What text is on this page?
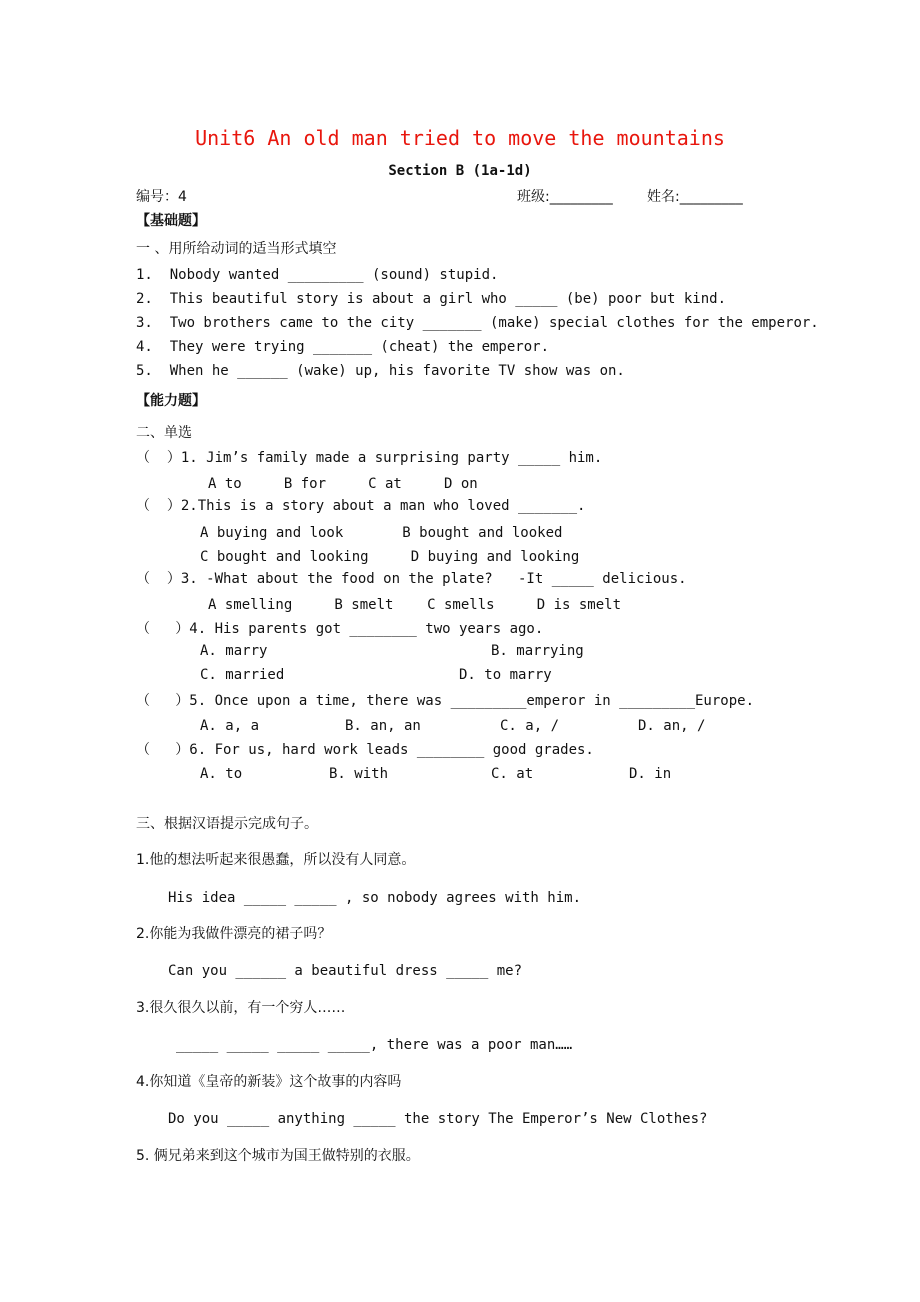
Unit6 An old man tried to move the mountains
Section B (1a-1d)
编号：4	班级:_________ 姓名:_________
【基础题】
一 、用所给动词的适当形式填空
1.  Nobody wanted _________ (sound) stupid.
2.  This beautiful story is about a girl who _____ (be) poor but kind.
3.  Two brothers came to the city _______ (make) special clothes for the emperor.
4.  They were trying _______ (cheat) the emperor.
5.  When he ______ (wake) up, his favorite TV show was on.
【能力题】
二、单选
（  ）1. Jim’s family made a surprising party _____ him.
A to     B for     C at     D on
（  ）2.This is a story about a man who loved _______.
A buying and look       B bought and looked
C bought and looking     D buying and looking
（  ）3. -What about the food on the plate?   -It _____ delicious.
A smelling     B smelt    C smells     D is smelt
（   ）4. His parents got ________ two years ago.
A. marry	B. marrying
C. married	D. to marry
（   ）5. Once upon a time, there was _________emperor in _________Europe.
A. a, a	B. an, an	C. a, /	D. an, /
（   ）6. For us, hard work leads ________ good grades.
A. to	B. with	C. at	D. in
三、根据汉语提示完成句子。
1.他的想法听起来很愚蠢，所以没有人同意。
His idea _____ _____ , so nobody agrees with him.
2.你能为我做件漂亮的裙子吗？
Can you ______ a beautiful dress _____ me?
3.很久很久以前，有一个穷人……
_____ _____ _____ _____, there was a poor man……
4.你知道《皇帝的新装》这个故事的内容吗
Do you _____ anything _____ the story The Emperor’s New Clothes?
5. 俩兄弟来到这个城市为国王做特别的衣服。
